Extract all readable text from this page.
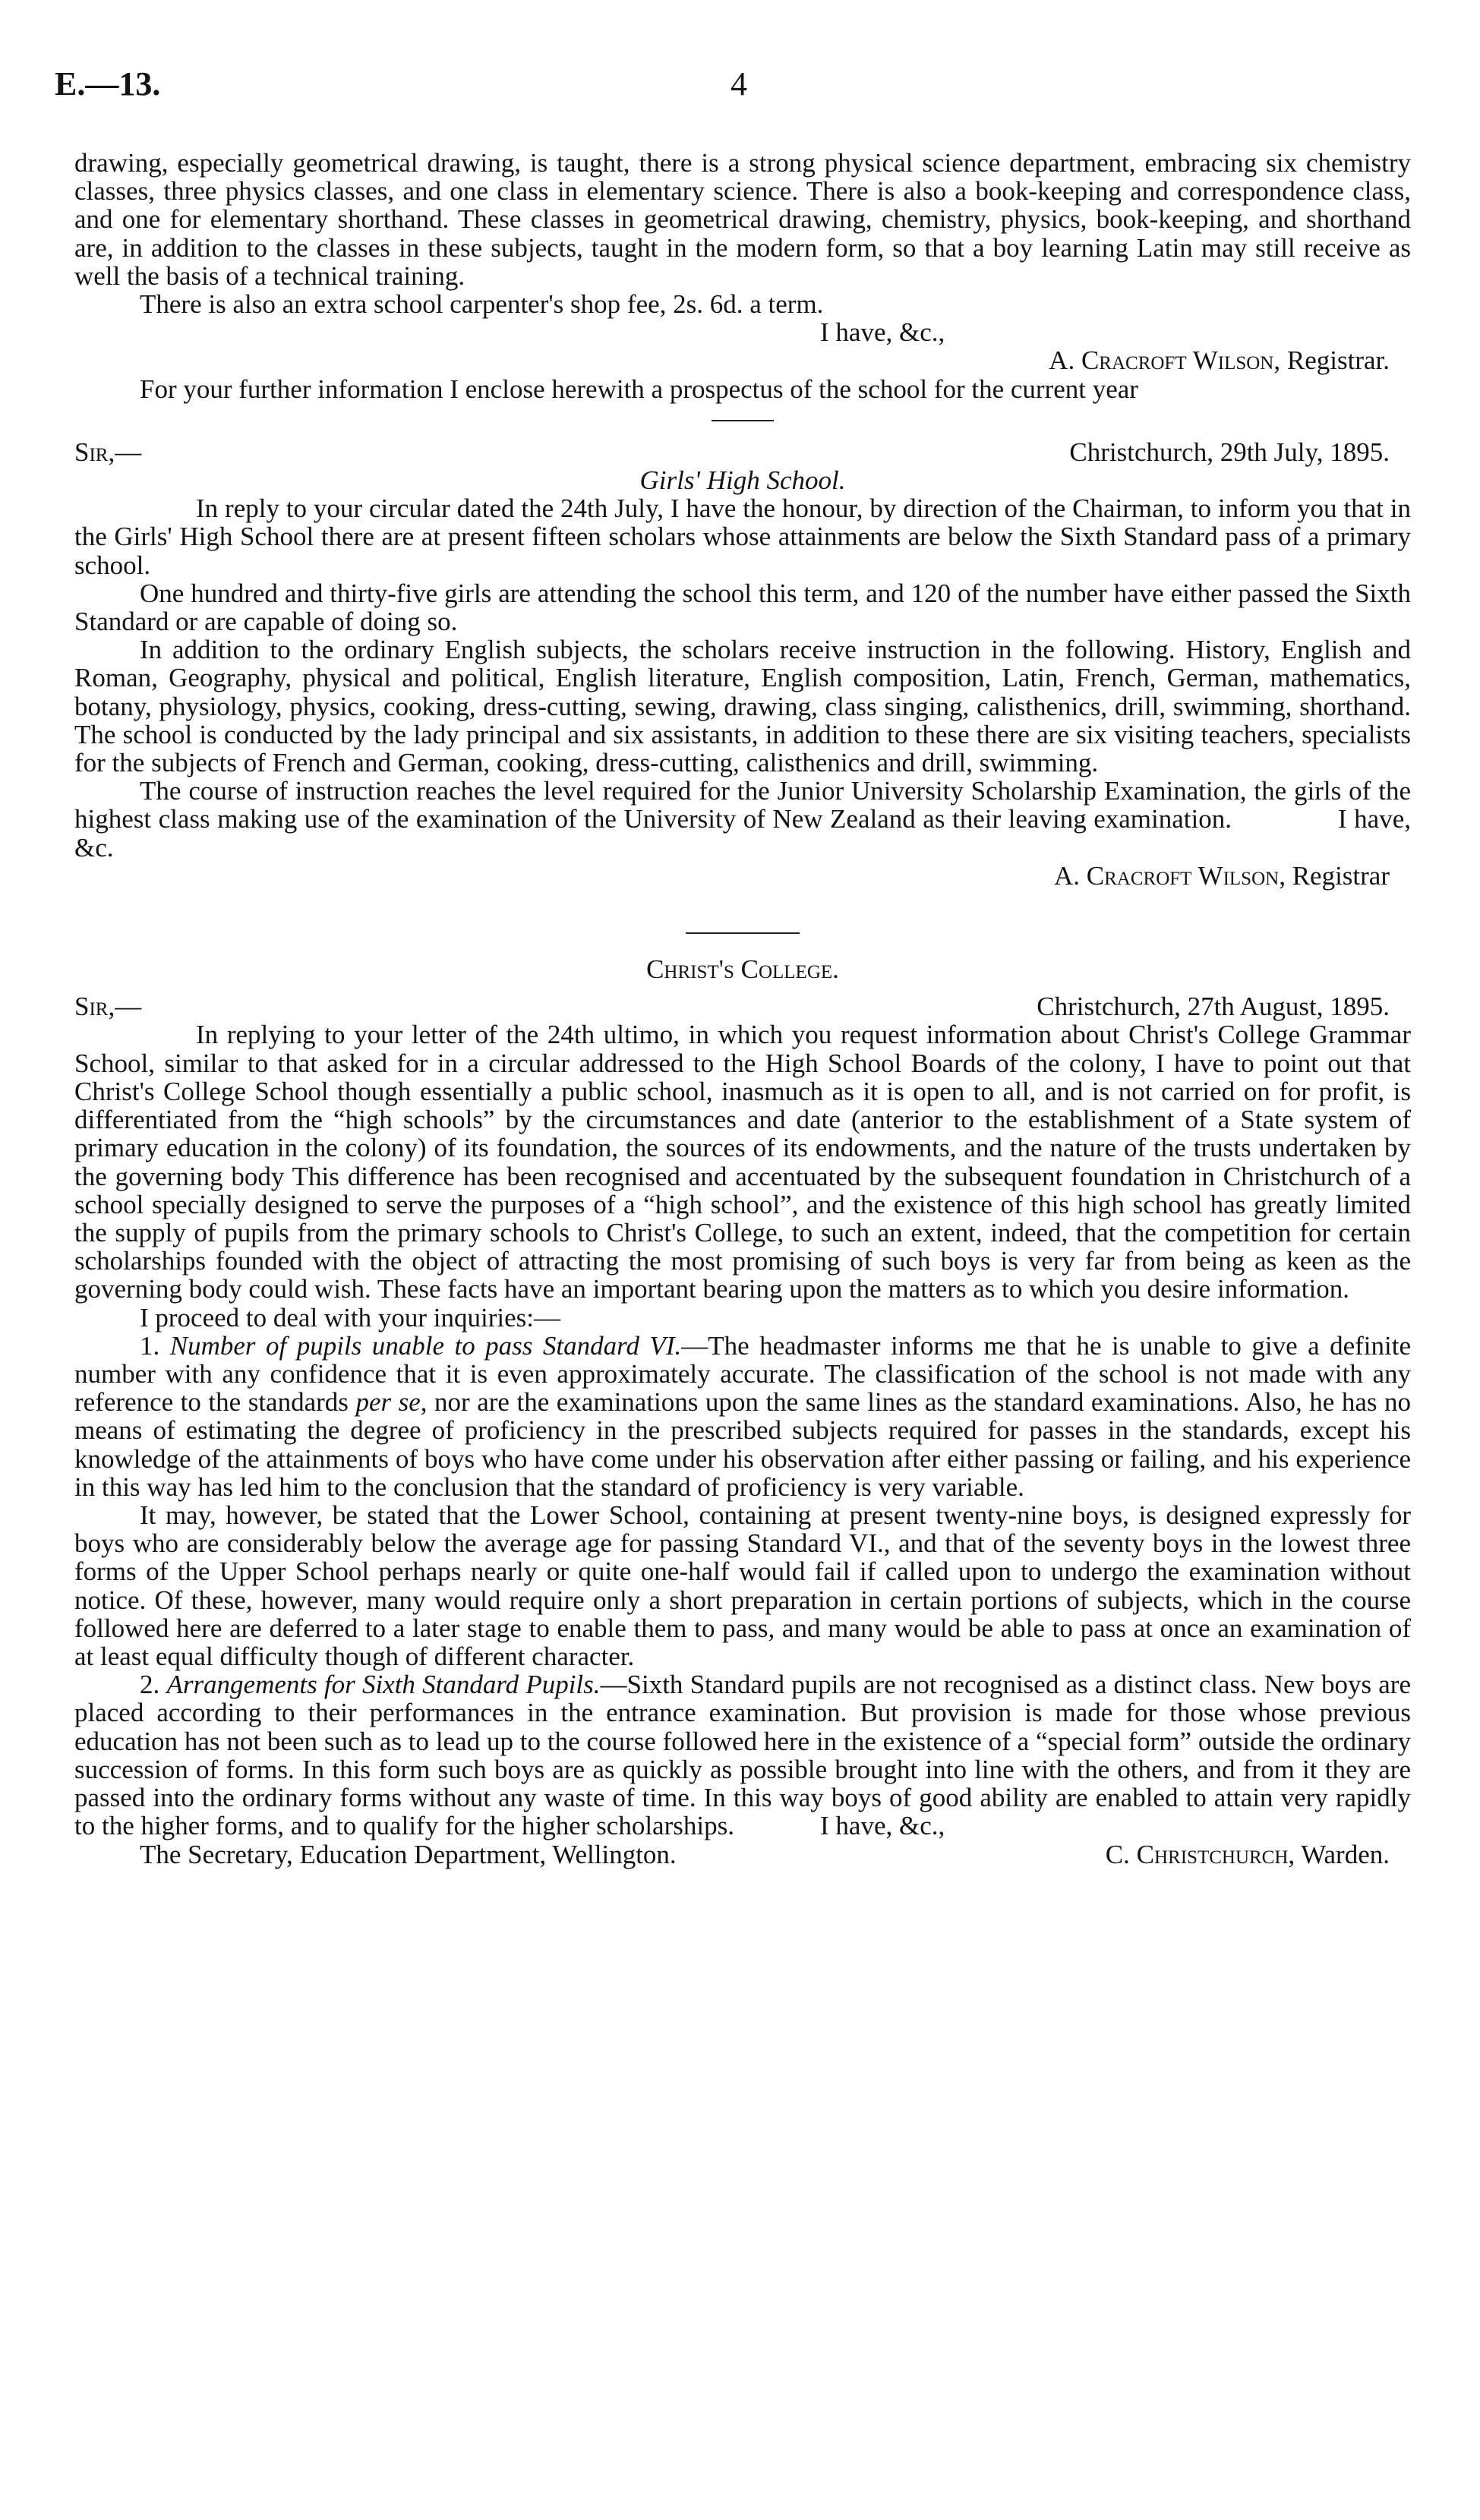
E.—13.	4

drawing, especially geometrical drawing, is taught, there is a strong physical science department, embracing six chemistry classes, three physics classes, and one class in elementary science. There is also a book-keeping and correspondence class, and one for elementary shorthand. These classes in geometrical drawing, chemistry, physics, book-keeping, and shorthand are, in addition to the classes in these subjects, taught in the modern form, so that a boy learning Latin may still receive as well the basis of a technical training.

There is also an extra school carpenter's shop fee, 2s. 6d. a term.

I have, &c.,

A. Cracroft Wilson, Registrar.

For your further information I enclose herewith a prospectus of the school for the current year

Sir,—	Christchurch, 29th July, 1895.

Girls' High School.

In reply to your circular dated the 24th July, I have the honour, by direction of the Chairman, to inform you that in the Girls' High School there are at present fifteen scholars whose attainments are below the Sixth Standard pass of a primary school.

One hundred and thirty-five girls are attending the school this term, and 120 of the number have either passed the Sixth Standard or are capable of doing so.

In addition to the ordinary English subjects, the scholars receive instruction in the following. History, English and Roman, Geography, physical and political, English literature, English composition, Latin, French, German, mathematics, botany, physiology, physics, cooking, dress-cutting, sewing, drawing, class singing, calisthenics, drill, swimming, shorthand. The school is conducted by the lady principal and six assistants, in addition to these there are six visiting teachers, specialists for the subjects of French and German, cooking, dress-cutting, calisthenics and drill, swimming.

The course of instruction reaches the level required for the Junior University Scholarship Examination, the girls of the highest class making use of the examination of the University of New Zealand as their leaving examination.	I have, &c.

A. Cracroft Wilson, Registrar

Christ's College.

Sir,—	Christchurch, 27th August, 1895.

In replying to your letter of the 24th ultimo, in which you request information about Christ's College Grammar School, similar to that asked for in a circular addressed to the High School Boards of the colony, I have to point out that Christ's College School though essentially a public school, inasmuch as it is open to all, and is not carried on for profit, is differentiated from the “high schools” by the circumstances and date (anterior to the establishment of a State system of primary education in the colony) of its foundation, the sources of its endowments, and the nature of the trusts undertaken by the governing body This difference has been recognised and accentuated by the subsequent foundation in Christchurch of a school specially designed to serve the purposes of a “high school”, and the existence of this high school has greatly limited the supply of pupils from the primary schools to Christ's College, to such an extent, indeed, that the competition for certain scholarships founded with the object of attracting the most promising of such boys is very far from being as keen as the governing body could wish. These facts have an important bearing upon the matters as to which you desire information.

I proceed to deal with your inquiries:—

1. Number of pupils unable to pass Standard VI.—The headmaster informs me that he is unable to give a definite number with any confidence that it is even approximately accurate. The classification of the school is not made with any reference to the standards per se, nor are the examinations upon the same lines as the standard examinations. Also, he has no means of estimating the degree of proficiency in the prescribed subjects required for passes in the standards, except his knowledge of the attainments of boys who have come under his observation after either passing or failing, and his experience in this way has led him to the conclusion that the standard of proficiency is very variable.

It may, however, be stated that the Lower School, containing at present twenty-nine boys, is designed expressly for boys who are considerably below the average age for passing Standard VI., and that of the seventy boys in the lowest three forms of the Upper School perhaps nearly or quite one-half would fail if called upon to undergo the examination without notice. Of these, however, many would require only a short preparation in certain portions of subjects, which in the course followed here are deferred to a later stage to enable them to pass, and many would be able to pass at once an examination of at least equal difficulty though of different character.

2. Arrangements for Sixth Standard Pupils.—Sixth Standard pupils are not recognised as a distinct class. New boys are placed according to their performances in the entrance examination. But provision is made for those whose previous education has not been such as to lead up to the course followed here in the existence of a “special form” outside the ordinary succession of forms. In this form such boys are as quickly as possible brought into line with the others, and from it they are passed into the ordinary forms without any waste of time. In this way boys of good ability are enabled to attain very rapidly to the higher forms, and to qualify for the higher scholarships.	I have, &c.,

The Secretary, Education Department, Wellington.	C. Christchurch, Warden.
